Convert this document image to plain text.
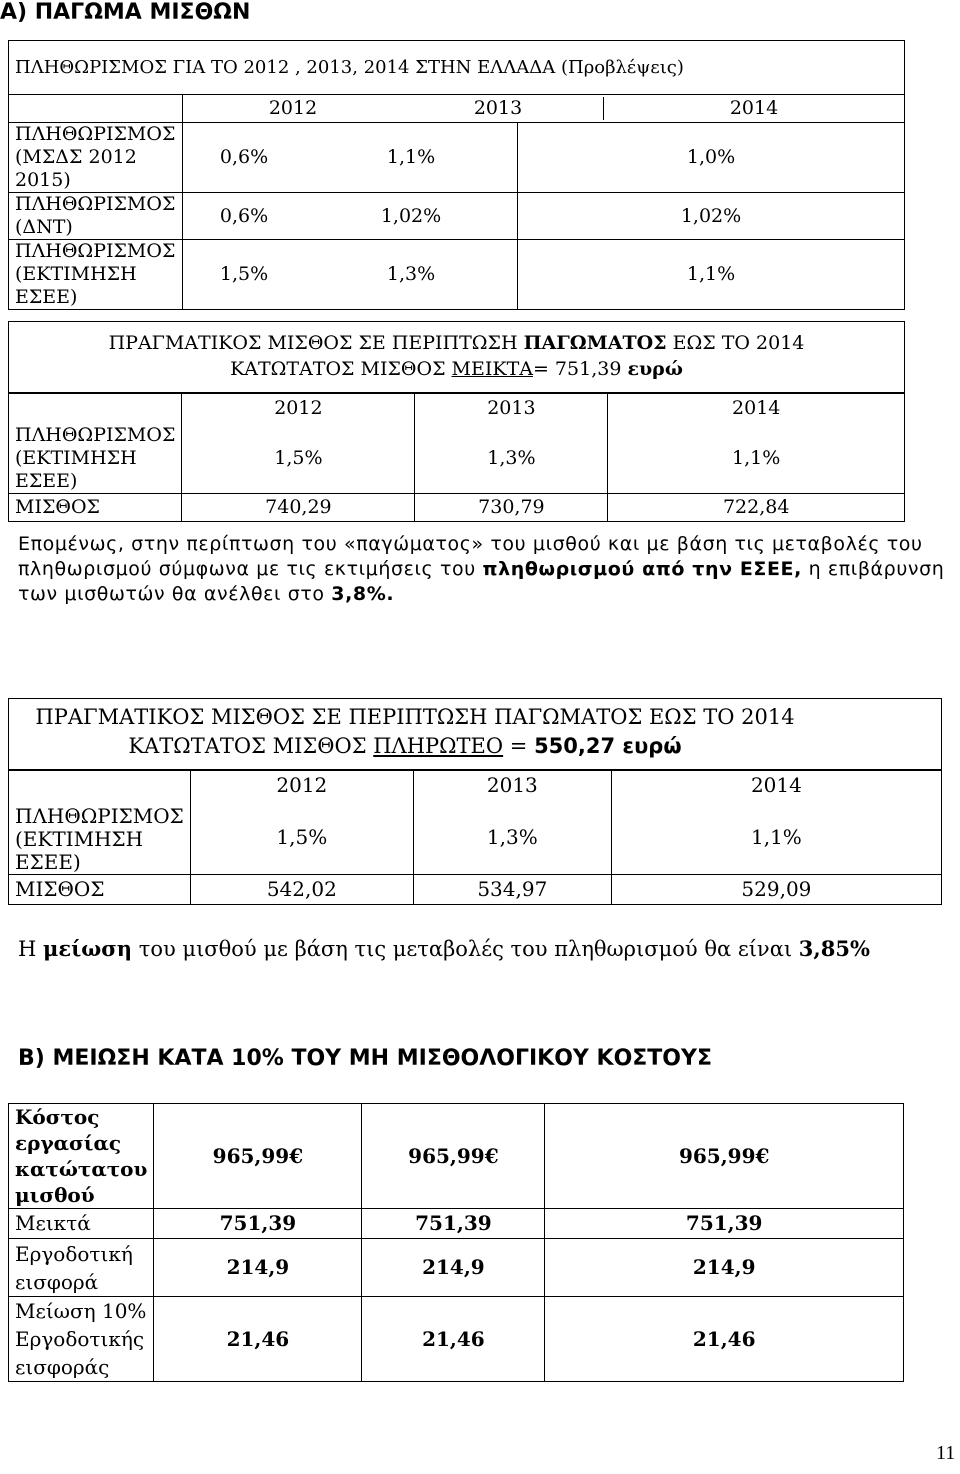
Α) ΠΑΓΩΜΑ ΜΙΣΘΩΝ
ΠΛΗΘΩΡΙΣΜΟΣ ΓΙΑ ΤΟ 2012 , 2013, 2014 ΣΤΗΝ ΕΛΛΑΔΑ (Προβλέψεις)			

	2012 2013 2014		

ΠΛΗΘΩΡΙΣΜΟΣ (ΜΣΔΣ 2012 2015)	0,6%	1,1%	1,0%
ΠΛΗΘΩΡΙΣΜΟΣ (ΔΝΤ)	0,6%	1,02%	1,02%
ΠΛΗΘΩΡΙΣΜΟΣ (ΕΚΤΙΜΗΣΗ ΕΣΕΕ)	1,5%	1,3%	1,1%
ΠΡΑΓΜΑΤΙΚΟΣ ΜΙΣΘΟΣ ΣΕ ΠΕΡΙΠΤΩΣΗ ΠΑΓΩΜΑΤΟΣ ΕΩΣ ΤΟ 2014
ΚΑΤΩΤΑΤΟΣ ΜΙΣΘΟΣ ΜΕΙΚΤΑ= 751,39 ευρώ
ΠΛΗΘΩΡΙΣΜΟΣ (ΕΚΤΙΜΗΣΗ ΕΣΕΕ)	2012	2013	2014
	1,5%	1,3%	1,1%
ΜΙΣΘΟΣ	740,29	730,79	722,84
Επομένως, στην περίπτωση του «παγώματος» του μισθού και με βάση τις μεταβολές του πληθωρισμού σύμφωνα με τις εκτιμήσεις του πληθωρισμού από την ΕΣΕΕ, η επιβάρυνση των μισθωτών θα ανέλθει στο 3,8%.
ΠΡΑΓΜΑΤΙΚΟΣ ΜΙΣΘΟΣ ΣΕ ΠΕΡΙΠΤΩΣΗ ΠΑΓΩΜΑΤΟΣ ΕΩΣ ΤΟ 2014
ΚΑΤΩΤΑΤΟΣ ΜΙΣΘΟΣ ΠΛΗΡΩΤΕΟ = 550,27 ευρώ
ΠΛΗΘΩΡΙΣΜΟΣ (ΕΚΤΙΜΗΣΗ ΕΣΕΕ)	2012	2013	2014
	1,5%	1,3%	1,1%
ΜΙΣΘΟΣ	542,02	534,97	529,09
Η μείωση του μισθού με βάση τις μεταβολές του πληθωρισμού θα είναι 3,85%
Β) ΜΕΙΩΣΗ ΚΑΤΑ 10% ΤΟΥ ΜΗ ΜΙΣΘΟΛΟΓΙΚΟΥ ΚΟΣΤΟΥΣ
Κόστος εργασίας κατώτατου μισθού	965,99€	965,99€	965,99€
Μεικτά	751,39	751,39	751,39
Εργοδοτική εισφορά	214,9	214,9	214,9
Μείωση 10% Εργοδοτικής εισφοράς	21,46	21,46	21,46
11
